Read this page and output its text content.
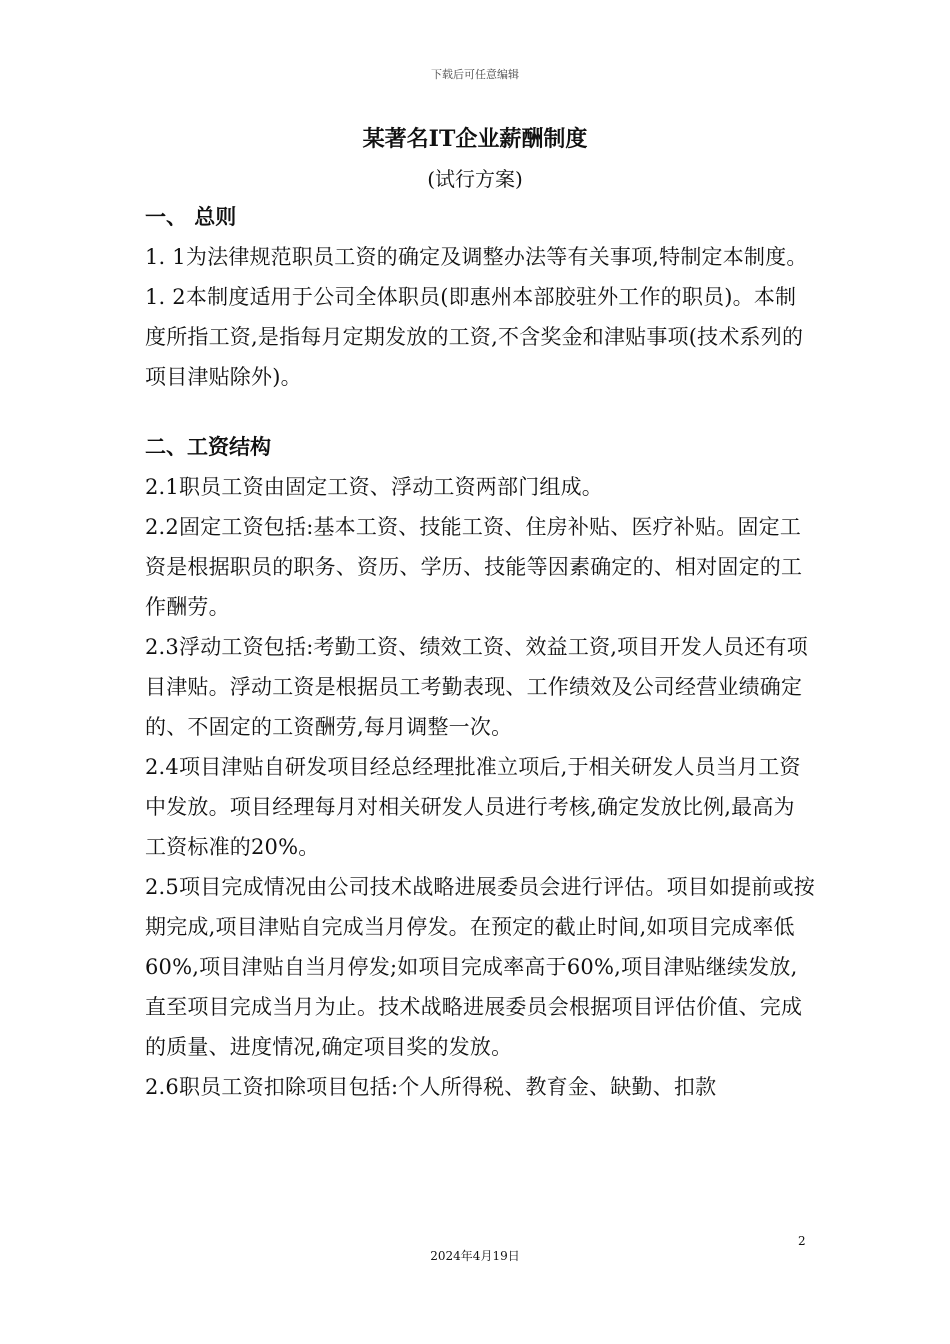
下载后可任意编辑
某著名IT企业薪酬制度
(试行方案)
一、 总则
1. 1为法律规范职员工资的确定及调整办法等有关事项,特制定本制度。
1. 2本制度适用于公司全体职员(即惠州本部胶驻外工作的职员)。本制度所指工资,是指每月定期发放的工资,不含奖金和津贴事项(技术系列的项目津贴除外)。
二、工资结构
2.1职员工资由固定工资、浮动工资两部门组成。
2.2固定工资包括:基本工资、技能工资、住房补贴、医疗补贴。固定工资是根据职员的职务、资历、学历、技能等因素确定的、相对固定的工作酬劳。
2.3浮动工资包括:考勤工资、绩效工资、效益工资,项目开发人员还有项目津贴。浮动工资是根据员工考勤表现、工作绩效及公司经营业绩确定的、不固定的工资酬劳,每月调整一次。
2.4项目津贴自研发项目经总经理批准立项后,于相关研发人员当月工资中发放。项目经理每月对相关研发人员进行考核,确定发放比例,最高为工资标准的20%。
2.5项目完成情况由公司技术战略进展委员会进行评估。项目如提前或按期完成,项目津贴自完成当月停发。在预定的截止时间,如项目完成率低60%,项目津贴自当月停发;如项目完成率高于60%,项目津贴继续发放,直至项目完成当月为止。技术战略进展委员会根据项目评估价值、完成的质量、进度情况,确定项目奖的发放。
2.6职员工资扣除项目包括:个人所得税、教育金、缺勤、扣款
2
2024年4月19日
